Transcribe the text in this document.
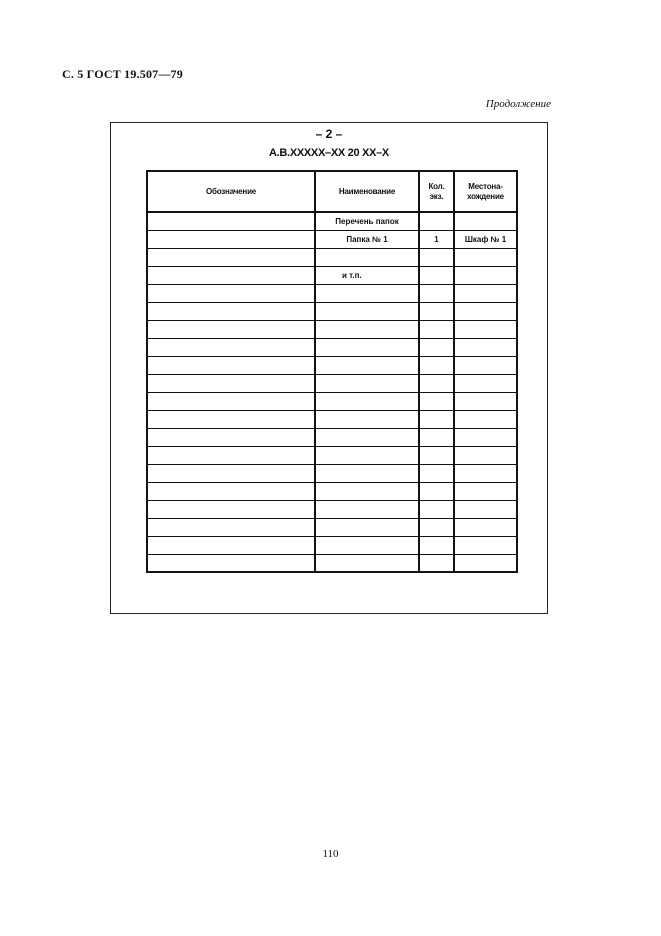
С. 5 ГОСТ 19.507—79
Продолжение
– 2 –
А.В.XXXXX–XX 20 XX–X
Обозначение	Наименование	Кол. экз.	Местона-хождение
	Перечень папок		
	Папка № 1	1	Шкаф № 1

	и т.п.		

110
